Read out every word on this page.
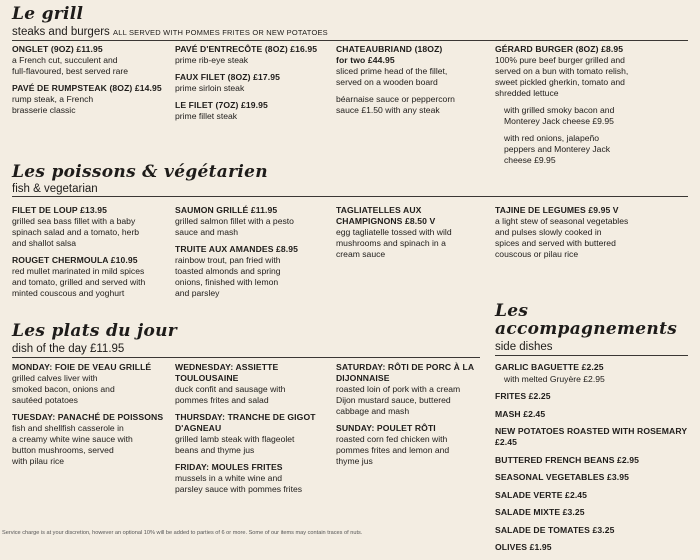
Le grill
steaks and burgers ALL SERVED WITH POMMES FRITES OR NEW POTATOES
ONGLET (9OZ) £11.95
a French cut, succulent and
full-flavoured, best served rare
PAVÉ DE RUMPSTEAK (8OZ) £14.95
rump steak, a French
brasserie classic
PAVÉ D'ENTRECÔTE (8OZ) £16.95
prime rib-eye steak
FAUX FILET (8OZ) £17.95
prime sirloin steak
LE FILET (7OZ) £19.95
prime fillet steak
CHATEAUBRIAND (18OZ)
for two £44.95
sliced prime head of the fillet,
served on a wooden board
béarnaise sauce or peppercorn
sauce £1.50 with any steak
GÉRARD BURGER (8OZ) £8.95
100% pure beef burger grilled and
served on a bun with tomato relish,
sweet pickled gherkin, tomato and
shredded lettuce
with grilled smoky bacon and
Monterey Jack cheese £9.95
with red onions, jalapeño
peppers and Monterey Jack
cheese £9.95
Les poissons & végétarien
fish & vegetarian
FILET DE LOUP £13.95
grilled sea bass fillet with a baby
spinach salad and a tomato, herb
and shallot salsa
ROUGET CHERMOULA £10.95
red mullet marinated in mild spices
and tomato, grilled and served with
minted couscous and yoghurt
SAUMON GRILLÉ £11.95
grilled salmon fillet with a pesto
sauce and mash
TRUITE AUX AMANDES £8.95
rainbow trout, pan fried with
toasted almonds and spring
onions, finished with lemon
and parsley
TAGLIATELLES AUX
CHAMPIGNONS £8.50 V
egg tagliatelle tossed with wild
mushrooms and spinach in a
cream sauce
TAJINE DE LEGUMES £9.95 V
a light stew of seasonal vegetables
and pulses slowly cooked in
spices and served with buttered
couscous or pilau rice
Les plats du jour
dish of the day £11.95
MONDAY: FOIE DE VEAU GRILLÉ
grilled calves liver with
smoked bacon, onions and
sautéed potatoes
TUESDAY: PANACHÉ DE POISSONS
fish and shellfish casserole in
a creamy white wine sauce with
button mushrooms, served
with pilau rice
WEDNESDAY: ASSIETTE
TOULOUSAINE
duck confit and sausage with
pommes frites and salad
THURSDAY: TRANCHE DE GIGOT
D'AGNEAU
grilled lamb steak with flageolet
beans and thyme jus
FRIDAY: MOULES FRITES
mussels in a white wine and
parsley sauce with pommes frites
SATURDAY: RÔTI DE PORC À LA
DIJONNAISE
roasted loin of pork with a cream
Dijon mustard sauce, buttered
cabbage and mash
SUNDAY: POULET RÔTI
roasted corn fed chicken with
pommes frites and lemon and
thyme jus
Les
accompagnements
side dishes
GARLIC BAGUETTE £2.25
with melted Gruyère £2.95
FRITES £2.25
MASH £2.45
NEW POTATOES ROASTED WITH ROSEMARY £2.45
BUTTERED FRENCH BEANS £2.95
SEASONAL VEGETABLES £3.95
SALADE VERTE £2.45
SALADE MIXTE £3.25
SALADE DE TOMATES £3.25
OLIVES £1.95
Service charge is at your discretion, however an optional 10% will be added to parties of 6 or more. Some of our items may contain traces of nuts.
